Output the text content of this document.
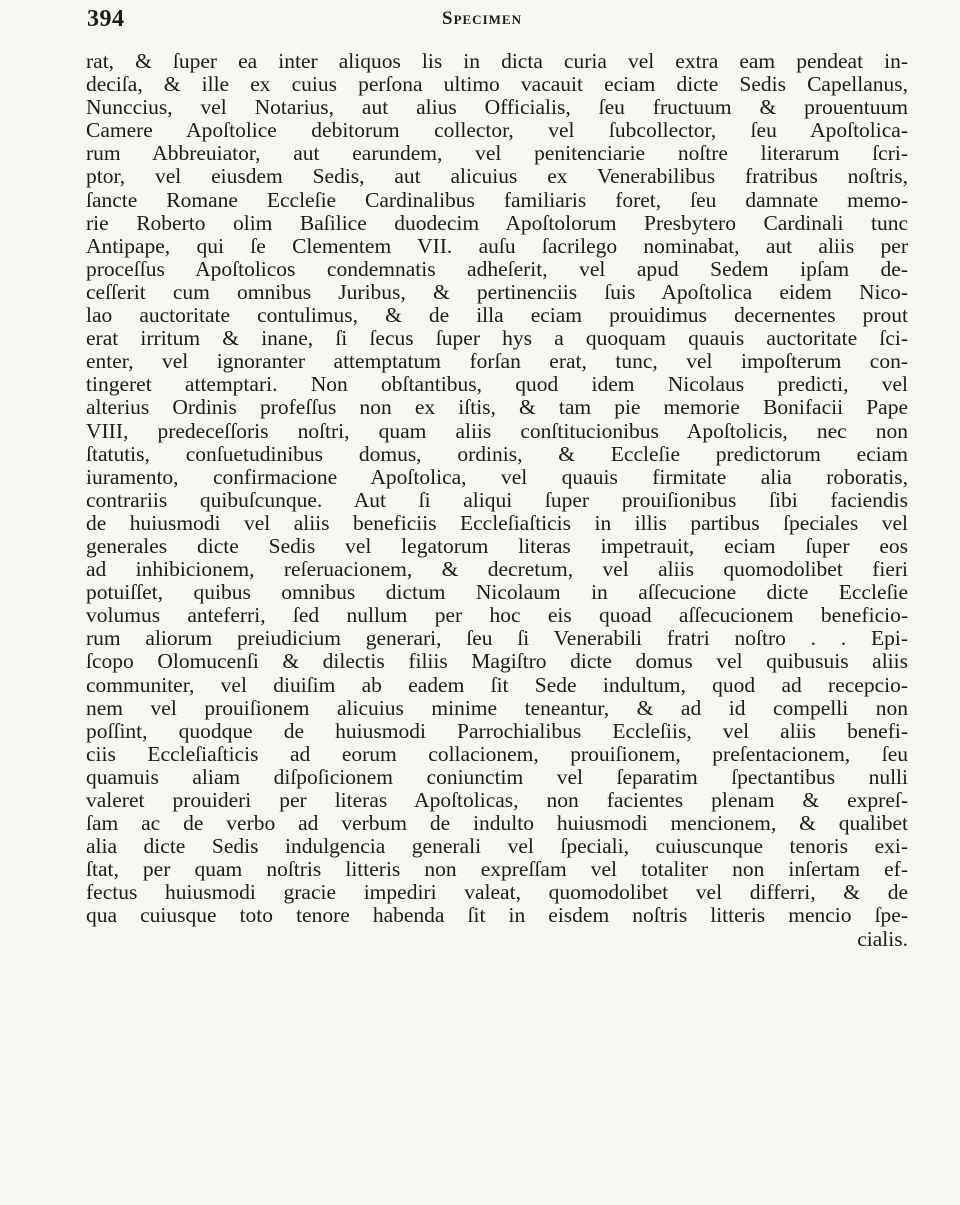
394	Specimen
rat, & ſuper ea inter aliquos lis in dicta curia vel extra eam pendeat in-
deciſa, & ille ex cuius perſona ultimo vacauit eciam dicte Sedis Capellanus,
Nunccius, vel Notarius, aut alius Officialis, ſeu fructuum & prouentuum
Camere Apoſtolice debitorum collector, vel ſubcollector, ſeu Apoſtolica-
rum Abbreuiator, aut earundem, vel penitenciarie noſtre literarum ſcri-
ptor, vel eiusdem Sedis, aut alicuius ex Venerabilibus fratribus noſtris,
ſancte Romane Eccleſie Cardinalibus familiaris foret, ſeu damnate memo-
rie Roberto olim Baſilice duodecim Apoſtolorum Presbytero Cardinali tunc
Antipape, qui ſe Clementem VII. auſu ſacrilego nominabat, aut aliis per
proceſſus Apoſtolicos condemnatis adheſerit, vel apud Sedem ipſam de-
ceſſerit cum omnibus Juribus, & pertinenciis ſuis Apoſtolica eidem Nico-
lao auctoritate contulimus, & de illa eciam prouidimus decernentes prout
erat irritum & inane, ſi ſecus ſuper hys a quoquam quauis auctoritate ſci-
enter, vel ignoranter attemptatum forſan erat, tunc, vel impoſterum con-
tingeret attemptari. Non obſtantibus, quod idem Nicolaus predicti, vel
alterius Ordinis profeſſus non ex iſtis, & tam pie memorie Bonifacii Pape
VIII, predeceſſoris noſtri, quam aliis conſtitucionibus Apoſtolicis, nec non
ſtatutis, conſuetudinibus domus, ordinis, & Eccleſie predictorum eciam
iuramento, confirmacione Apoſtolica, vel quauis firmitate alia roboratis,
contrariis quibuſcunque. Aut ſi aliqui ſuper prouiſionibus ſibi faciendis
de huiusmodi vel aliis beneficiis Eccleſiaſticis in illis partibus ſpeciales vel
generales dicte Sedis vel legatorum literas impetrauit, eciam ſuper eos
ad inhibicionem, reſeruacionem, & decretum, vel aliis quomodolibet fieri
potuiſſet, quibus omnibus dictum Nicolaum in aſſecucione dicte Eccleſie
volumus anteferri, ſed nullum per hoc eis quoad aſſecucionem beneficio-
rum aliorum preiudicium generari, ſeu ſi Venerabili fratri noſtro . . Epi-
ſcopo Olomucenſi & dilectis filiis Magiſtro dicte domus vel quibusuis aliis
communiter, vel diuiſim ab eadem ſit Sede indultum, quod ad recepcio-
nem vel prouiſionem alicuius minime teneantur, & ad id compelli non
poſſint, quodque de huiusmodi Parrochialibus Eccleſiis, vel aliis benefi-
ciis Eccleſiaſticis ad eorum collacionem, prouiſionem, preſentacionem, ſeu
quamuis aliam diſpoſicionem coniunctim vel ſeparatim ſpectantibus nulli
valeret prouideri per literas Apoſtolicas, non facientes plenam & expreſ-
ſam ac de verbo ad verbum de indulto huiusmodi mencionem, & qualibet
alia dicte Sedis indulgencia generali vel ſpeciali, cuiuscunque tenoris exi-
ſtat, per quam noſtris litteris non expreſſam vel totaliter non inſertam ef-
fectus huiusmodi gracie impediri valeat, quomodolibet vel differri, & de
qua cuiusque toto tenore habenda ſit in eisdem noſtris litteris mencio ſpe-
cialis.
